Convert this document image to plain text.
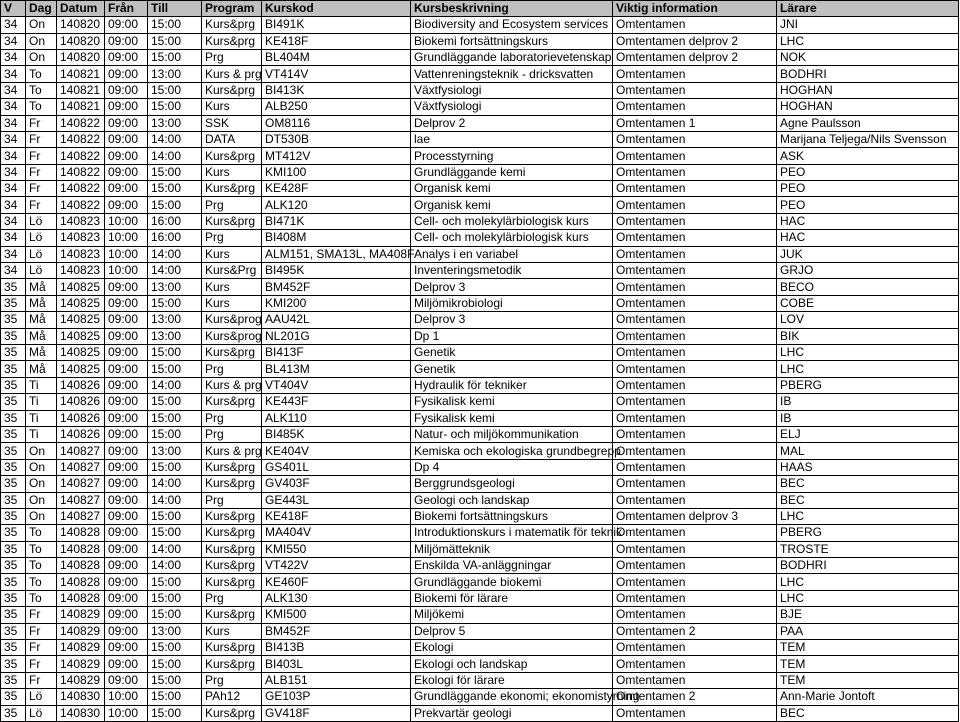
V	Dag	Datum	Från	Till	Program	Kurskod	Kursbeskrivning	Viktig information	Lärare
34	On	140820	09:00	15:00	Kurs&prg	BI491K	Biodiversity and Ecosystem services	Omtentamen	JNI
34	On	140820	09:00	15:00	Kurs&prg	KE418F	Biokemi fortsättningskurs	Omtentamen delprov 2	LHC
34	On	140820	09:00	15:00	Prg	BL404M	Grundläggande laboratorievetenskap	Omtentamen delprov 2	NOK
34	To	140821	09:00	13:00	Kurs & prg	VT414V	Vattenreningsteknik - dricksvatten	Omtentamen	BODHRI
34	To	140821	09:00	15:00	Kurs&prg	BI413K	Växtfysiologi	Omtentamen	HOGHAN
34	To	140821	09:00	15:00	Kurs	ALB250	Växtfysiologi	Omtentamen	HOGHAN
34	Fr	140822	09:00	13:00	SSK	OM8116	Delprov 2	Omtentamen 1	Agne Paulsson
34	Fr	140822	09:00	14:00	DATA	DT530B	lae	Omtentamen	Marijana Teljega/Nils Svensson
34	Fr	140822	09:00	14:00	Kurs&prg	MT412V	Processtyrning	Omtentamen	ASK
34	Fr	140822	09:00	15:00	Kurs	KMI100	Grundläggande kemi	Omtentamen	PEO
34	Fr	140822	09:00	15:00	Kurs&prg	KE428F	Organisk kemi	Omtentamen	PEO
34	Fr	140822	09:00	15:00	Prg	ALK120	Organisk kemi	Omtentamen	PEO
34	Lö	140823	10:00	16:00	Kurs&prg	BI471K	Cell- och molekylärbiologisk kurs	Omtentamen	HAC
34	Lö	140823	10:00	16:00	Prg	BI408M	Cell- och molekylärbiologisk kurs	Omtentamen	HAC
34	Lö	140823	10:00	14:00	Kurs	ALM151, SMA13L, MA408F	Analys i en variabel	Omtentamen	JUK
34	Lö	140823	10:00	14:00	Kurs&Prg	BI495K	Inventeringsmetodik	Omtentamen	GRJO
35	Må	140825	09:00	13:00	Kurs	BM452F	Delprov 3	Omtentamen	BECO
35	Må	140825	09:00	15:00	Kurs	KMI200	Miljömikrobiologi	Omtentamen	COBE
35	Må	140825	09:00	13:00	Kurs&prog	AAU42L	Delprov 3	Omtentamen	LOV
35	Må	140825	09:00	13:00	Kurs&prog	NL201G	Dp 1	Omtentamen	BIK
35	Må	140825	09:00	15:00	Kurs&prg	BI413F	Genetik	Omtentamen	LHC
35	Må	140825	09:00	15:00	Prg	BL413M	Genetik	Omtentamen	LHC
35	Ti	140826	09:00	14:00	Kurs & prg	VT404V	Hydraulik för tekniker	Omtentamen	PBERG
35	Ti	140826	09:00	15:00	Kurs&prg	KE443F	Fysikalisk kemi	Omtentamen	IB
35	Ti	140826	09:00	15:00	Prg	ALK110	Fysikalisk kemi	Omtentamen	IB
35	Ti	140826	09:00	15:00	Prg	BI485K	Natur- och miljökommunikation	Omtentamen	ELJ
35	On	140827	09:00	13:00	Kurs & prg	KE404V	Kemiska och ekologiska grundbegrepp	Omtentamen	MAL
35	On	140827	09:00	15:00	Kurs&prg	GS401L	Dp 4	Omtentamen	HAAS
35	On	140827	09:00	14:00	Kurs&prg	GV403F	Berggrundsgeologi	Omtentamen	BEC
35	On	140827	09:00	14:00	Prg	GE443L	Geologi och landskap	Omtentamen	BEC
35	On	140827	09:00	15:00	Kurs&prg	KE418F	Biokemi fortsättningskurs	Omtentamen delprov 3	LHC
35	To	140828	09:00	15:00	Kurs&prg	MA404V	Introduktionskurs i matematik för teknik	Omtentamen	PBERG
35	To	140828	09:00	14:00	Kurs&prg	KMI550	Miljömätteknik	Omtentamen	TROSTE
35	To	140828	09:00	14:00	Kurs&prg	VT422V	Enskilda VA-anläggningar	Omtentamen	BODHRI
35	To	140828	09:00	15:00	Kurs&prg	KE460F	Grundläggande biokemi	Omtentamen	LHC
35	To	140828	09:00	15:00	Prg	ALK130	Biokemi för lärare	Omtentamen	LHC
35	Fr	140829	09:00	15:00	Kurs&prg	KMI500	Miljökemi	Omtentamen	BJE
35	Fr	140829	09:00	13:00	Kurs	BM452F	Delprov 5	Omtentamen 2	PAA
35	Fr	140829	09:00	15:00	Kurs&prg	BI413B	Ekologi	Omtentamen	TEM
35	Fr	140829	09:00	15:00	Kurs&prg	BI403L	Ekologi och landskap	Omtentamen	TEM
35	Fr	140829	09:00	15:00	Prg	ALB151	Ekologi för lärare	Omtentamen	TEM
35	Lö	140830	10:00	15:00	PAh12	GE103P	Grundläggande ekonomi; ekonomistyrning	Omtentamen 2	Ann-Marie Jontoft
35	Lö	140830	10:00	15:00	Kurs&prg	GV418F	Prekvartär geologi	Omtentamen	BEC
